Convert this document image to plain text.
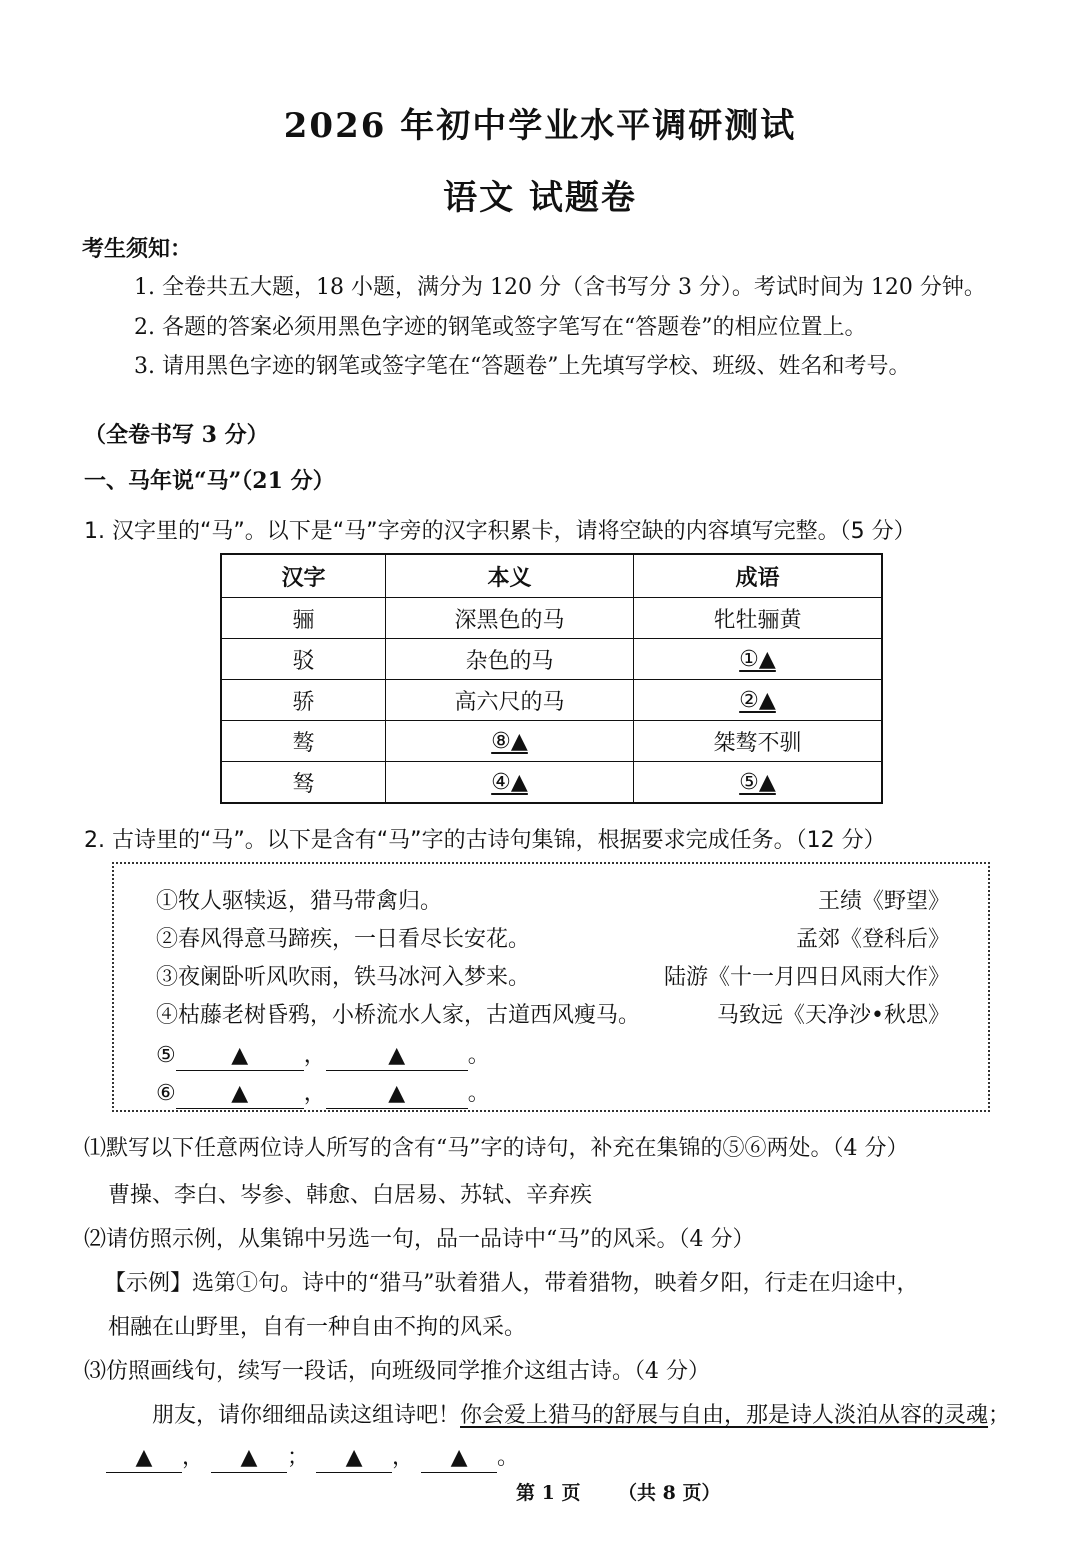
2026 年初中学业水平调研测试
语文 试题卷
考生须知：
1. 全卷共五大题，18 小题，满分为 120 分（含书写分 3 分）。考试时间为 120 分钟。
2. 各题的答案必须用黑色字迹的钢笔或签字笔写在“答题卷”的相应位置上。
3. 请用黑色字迹的钢笔或签字笔在“答题卷”上先填写学校、班级、姓名和考号。
（全卷书写 3 分）
一、马年说“马”（21 分）
1. 汉字里的“马”。以下是“马”字旁的汉字积累卡，请将空缺的内容填写完整。（5 分）
汉字	本义	成语
骊	深黑色的马	牝牡骊黄
驳	杂色的马	①▲
骄	高六尺的马	②▲
骜	⑧▲	桀骜不驯
驽	④▲	⑤▲
2. 古诗里的“马”。以下是含有“马”字的古诗句集锦，根据要求完成任务。（12 分）
①牧人驱犊返，猎马带禽归。	王绩《野望》
②春风得意马蹄疾，一日看尽长安花。	孟郊《登科后》
③夜阑卧听风吹雨，铁马冰河入梦来。	陆游《十一月四日风雨大作》
④枯藤老树昏鸦，小桥流水人家，古道西风瘦马。	马致远《天净沙•秋思》
⑤	▲	，	▲	。
⑥	▲	，	▲	。
⑴默写以下任意两位诗人所写的含有“马”字的诗句，补充在集锦的⑤⑥两处。（4 分）
曹操、李白、岑参、韩愈、白居易、苏轼、辛弃疾
⑵请仿照示例，从集锦中另选一句，品一品诗中“马”的风采。（4 分）
【示例】选第①句。诗中的“猎马”驮着猎人，带着猎物，映着夕阳，行走在归途中，
相融在山野里，自有一种自由不拘的风采。
⑶仿照画线句，续写一段话，向班级同学推介这组古诗。（4 分）
朋友，请你细细品读这组诗吧！你会爱上猎马的舒展与自由，那是诗人淡泊从容的灵魂；
▲ ， ▲ ； ▲ ， ▲ 。
第 1 页 （共 8 页）
